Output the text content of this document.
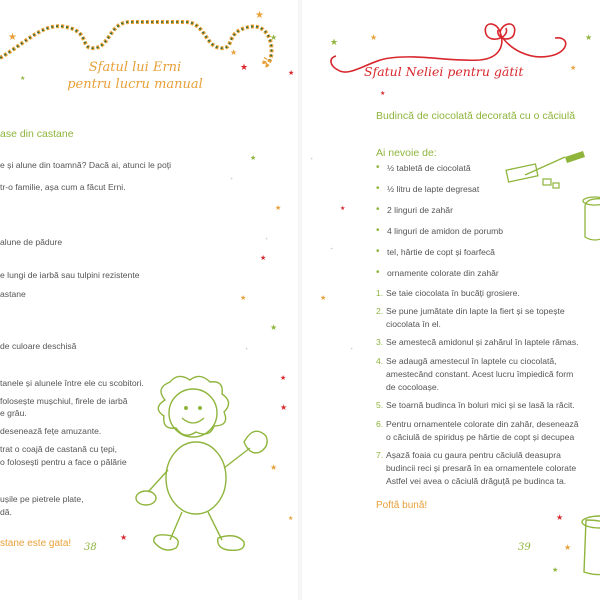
★
★
★
★
★
★
★
Sfatul lui Erni
pentru lucru manual
ase din castane
e și alune din toamnă? Dacă ai, atunci le poți
tr-o familie, așa cum a făcut Erni.
alune de pădure
e lungi de iarbă sau tulpini rezistente
astane
de culoare deschisă
tanele și alunele între ele cu scobitori.
folosește mușchiul, firele de iarbă
e grâu.
desenează fețe amuzante.
trat o coajă de castană cu țepi,
o folosești pentru a face o pălărie
ușile pe pietrele plate,
dă.
stane este gata! 38
★
★
★
★
★
★
★
★
★
★
✦
✦
✦
★
★
★	★
★
Sfatul Neliei pentru gătit
Budincă de ciocolată decorată cu o căciulă
Ai nevoie de:
• ½ tabletă de ciocolată
• ½ litru de lapte degresat
• 2 linguri de zahăr
• 4 linguri de amidon de porumb
• tel, hârtie de copt și foarfecă
• ornamente colorate din zahăr
1. Se taie ciocolata în bucăți grosiere.
2. Se pune jumătate din lapte la fiert și se topește
ciocolata în el.
3. Se amestecă amidonul și zahărul în laptele rămas.
4. Se adaugă amestecul în laptele cu ciocolată,
amestecând constant. Acest lucru împiedică form
de cocoloașe.
5. Se toarnă budinca în boluri mici și se lasă la răcit.
6. Pentru ornamentele colorate din zahăr, desenează
o căciulă de spiriduș pe hârtie de copt și decupea
7. Așază foaia cu gaura pentru căciulă deasupra
budincii reci și presară în ea ornamentele colorate
Astfel vei avea o căciulă drăguță pe budinca ta.
Poftă bună!
39
★
★
★
★
★
✦
✦
✦
